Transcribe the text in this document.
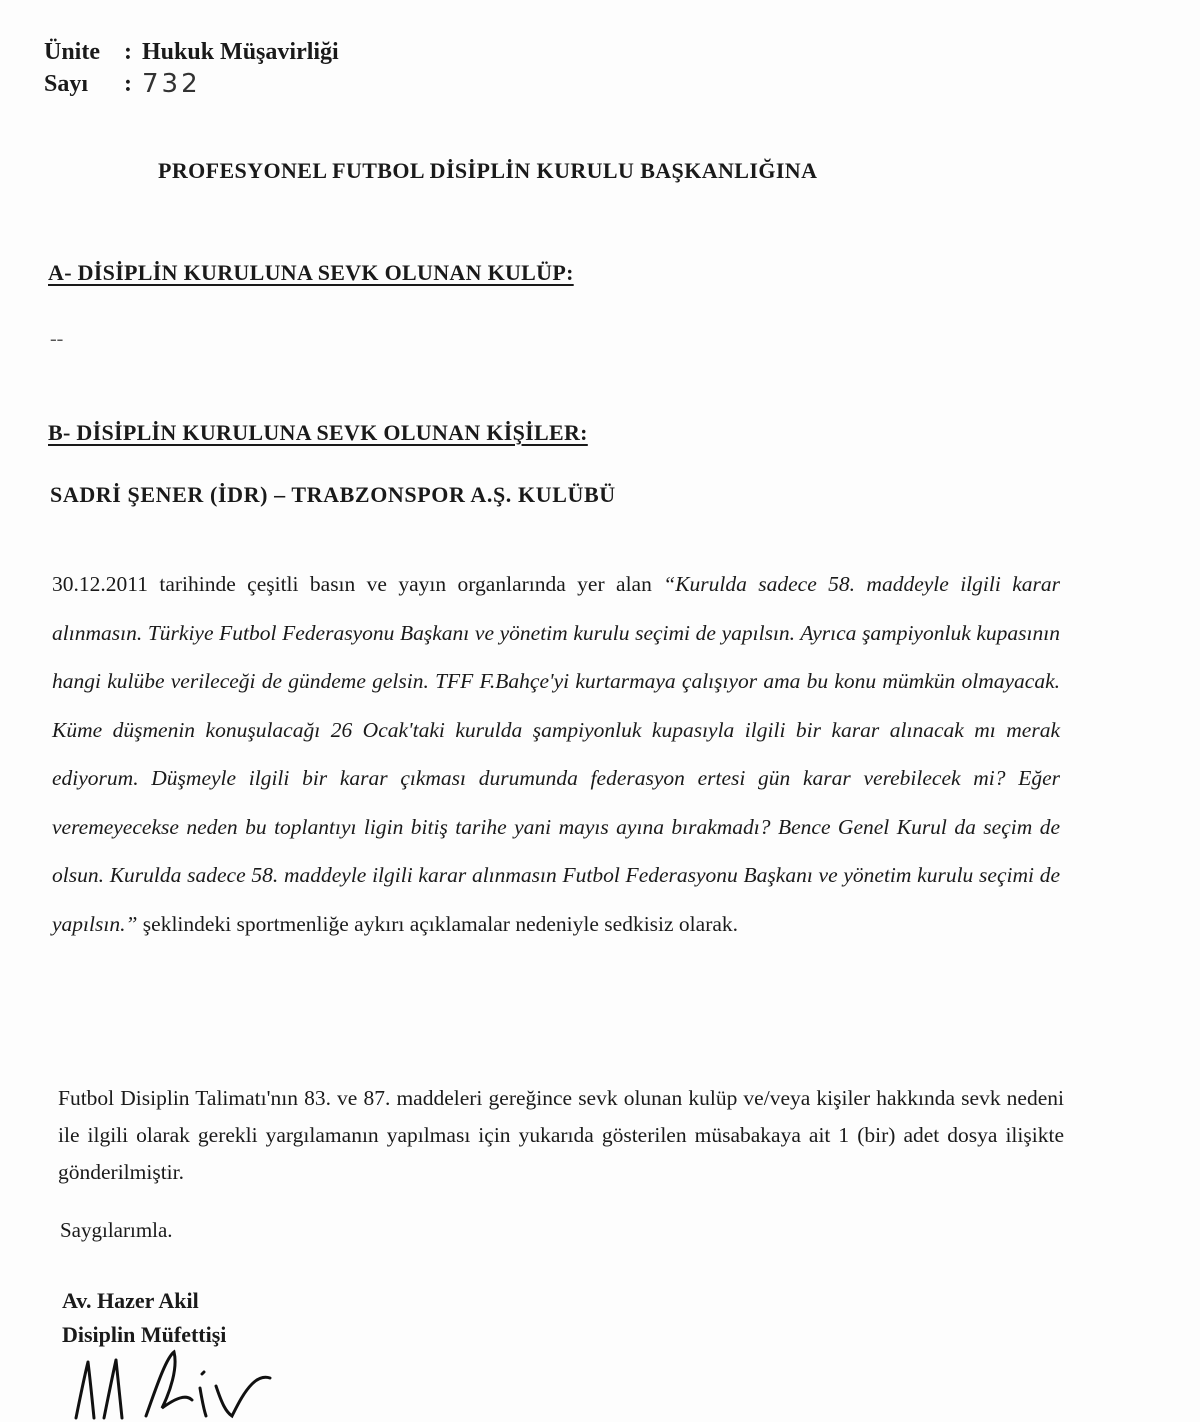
Ünite	: Hukuk Müşavirliği
Sayı	: 732
PROFESYONEL FUTBOL DİSİPLİN KURULU BAŞKANLIĞINA
A- DİSİPLİN KURULUNA SEVK OLUNAN KULÜP:
--
B- DİSİPLİN KURULUNA SEVK OLUNAN KİŞİLER:
SADRİ ŞENER (İDR) – TRABZONSPOR A.Ş. KULÜBÜ
30.12.2011 tarihinde çeşitli basın ve yayın organlarında yer alan “Kurulda sadece 58. maddeyle ilgili karar alınmasın. Türkiye Futbol Federasyonu Başkanı ve yönetim kurulu seçimi de yapılsın. Ayrıca şampiyonluk kupasının hangi kulübe verileceği de gündeme gelsin. TFF F.Bahçe'yi kurtarmaya çalışıyor ama bu konu mümkün olmayacak. Küme düşmenin konuşulacağı 26 Ocak'taki kurulda şampiyonluk kupasıyla ilgili bir karar alınacak mı merak ediyorum. Düşmeyle ilgili bir karar çıkması durumunda federasyon ertesi gün karar verebilecek mi? Eğer veremeyecekse neden bu toplantıyı ligin bitiş tarihe yani mayıs ayına bırakmadı? Bence Genel Kurul da seçim de olsun. Kurulda sadece 58. maddeyle ilgili karar alınmasın Futbol Federasyonu Başkanı ve yönetim kurulu seçimi de yapılsın.” şeklindeki sportmenliğe aykırı açıklamalar nedeniyle sedkisiz olarak.
Futbol Disiplin Talimatı'nın 83. ve 87. maddeleri gereğince sevk olunan kulüp ve/veya kişiler hakkında sevk nedeni ile ilgili olarak gerekli yargılamanın yapılması için yukarıda gösterilen müsabakaya ait 1 (bir) adet dosya ilişikte gönderilmiştir.
Saygılarımla.
Av. Hazer Akil
Disiplin Müfettişi
